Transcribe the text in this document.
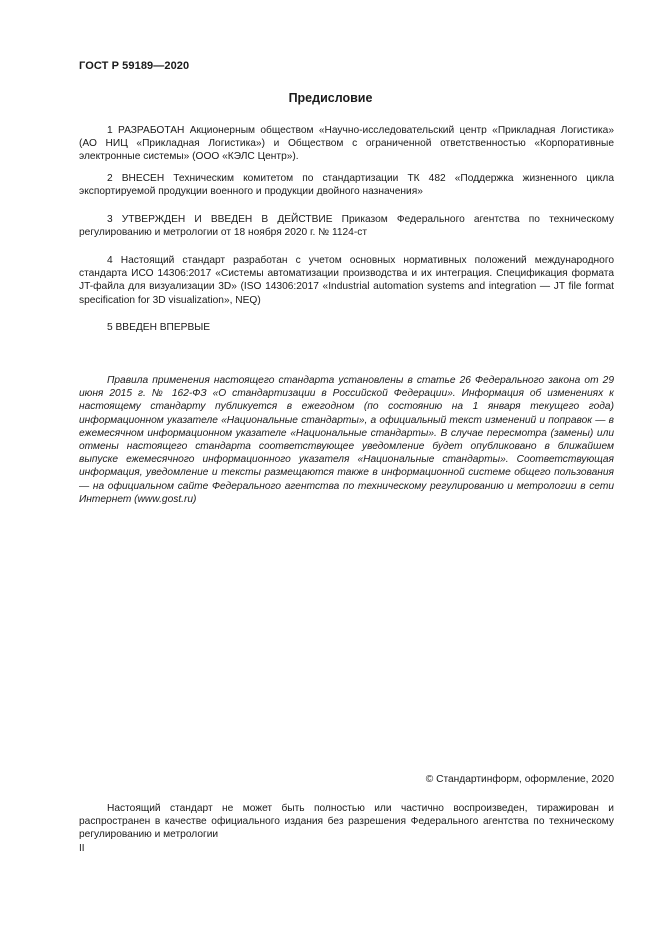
ГОСТ Р 59189—2020
Предисловие
1 РАЗРАБОТАН Акционерным обществом «Научно-исследовательский центр «Прикладная Логистика» (АО НИЦ «Прикладная Логистика») и Обществом с ограниченной ответственностью «Корпоративные электронные системы» (ООО «КЭЛС Центр»).
2 ВНЕСЕН Техническим комитетом по стандартизации ТК 482 «Поддержка жизненного цикла экспортируемой продукции военного и продукции двойного назначения»
3 УТВЕРЖДЕН И ВВЕДЕН В ДЕЙСТВИЕ Приказом Федерального агентства по техническому регулированию и метрологии от 18 ноября 2020 г. № 1124-ст
4 Настоящий стандарт разработан с учетом основных нормативных положений международного стандарта ИСО 14306:2017 «Системы автоматизации производства и их интеграция. Спецификация формата JT-файла для визуализации 3D» (ISO 14306:2017 «Industrial automation systems and integration — JT file format specification for 3D visualization», NEQ)
5 ВВЕДЕН ВПЕРВЫЕ
Правила применения настоящего стандарта установлены в статье 26 Федерального закона от 29 июня 2015 г. № 162-ФЗ «О стандартизации в Российской Федерации». Информация об изменениях к настоящему стандарту публикуется в ежегодном (по состоянию на 1 января текущего года) информационном указателе «Национальные стандарты», а официальный текст изменений и поправок — в ежемесячном информационном указателе «Национальные стандарты». В случае пересмотра (замены) или отмены настоящего стандарта соответствующее уведомление будет опубликовано в ближайшем выпуске ежемесячного информационного указателя «Национальные стандарты». Соответствующая информация, уведомление и тексты размещаются также в информационной системе общего пользования — на официальном сайте Федерального агентства по техническому регулированию и метрологии в сети Интернет (www.gost.ru)
© Стандартинформ, оформление, 2020
Настоящий стандарт не может быть полностью или частично воспроизведен, тиражирован и распространен в качестве официального издания без разрешения Федерального агентства по техническому регулированию и метрологии
II
